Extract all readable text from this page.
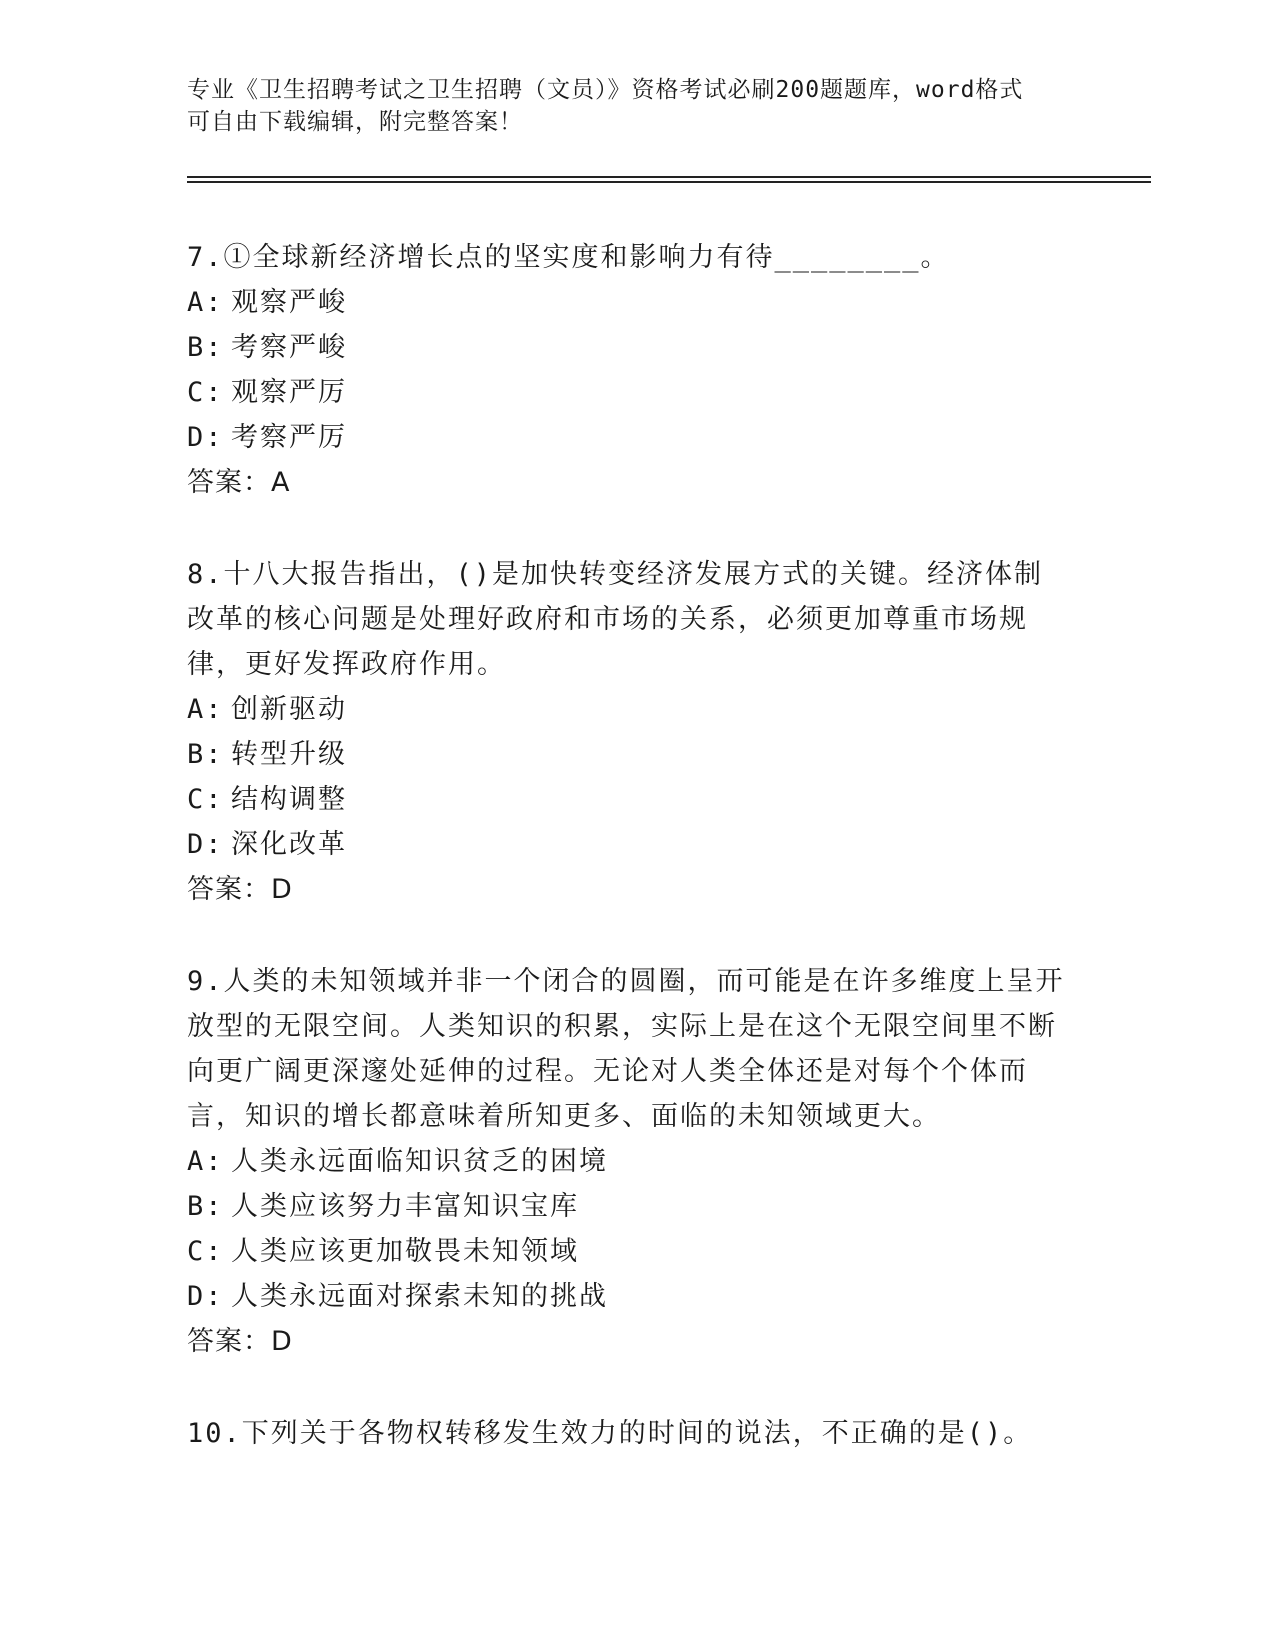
专业《卫生招聘考试之卫生招聘（文员）》资格考试必刷200题题库，word格式
可自由下载编辑，附完整答案！

7.①全球新经济增长点的坚实度和影响力有待________。

A: 观察严峻
B: 考察严峻
C: 观察严厉
D: 考察严厉
答案：A

8.十八大报告指出，()是加快转变经济发展方式的关键。经济体制改革的核心问题是处理好政府和市场的关系，必须更加尊重市场规律，更好发挥政府作用。

A: 创新驱动
B: 转型升级
C: 结构调整
D: 深化改革
答案：D

9.人类的未知领域并非一个闭合的圆圈，而可能是在许多维度上呈开放型的无限空间。人类知识的积累，实际上是在这个无限空间里不断向更广阔更深邃处延伸的过程。无论对人类全体还是对每个个体而言，知识的增长都意味着所知更多、面临的未知领域更大。

A: 人类永远面临知识贫乏的困境
B: 人类应该努力丰富知识宝库
C: 人类应该更加敬畏未知领域
D: 人类永远面对探索未知的挑战
答案：D

10.下列关于各物权转移发生效力的时间的说法，不正确的是()。
